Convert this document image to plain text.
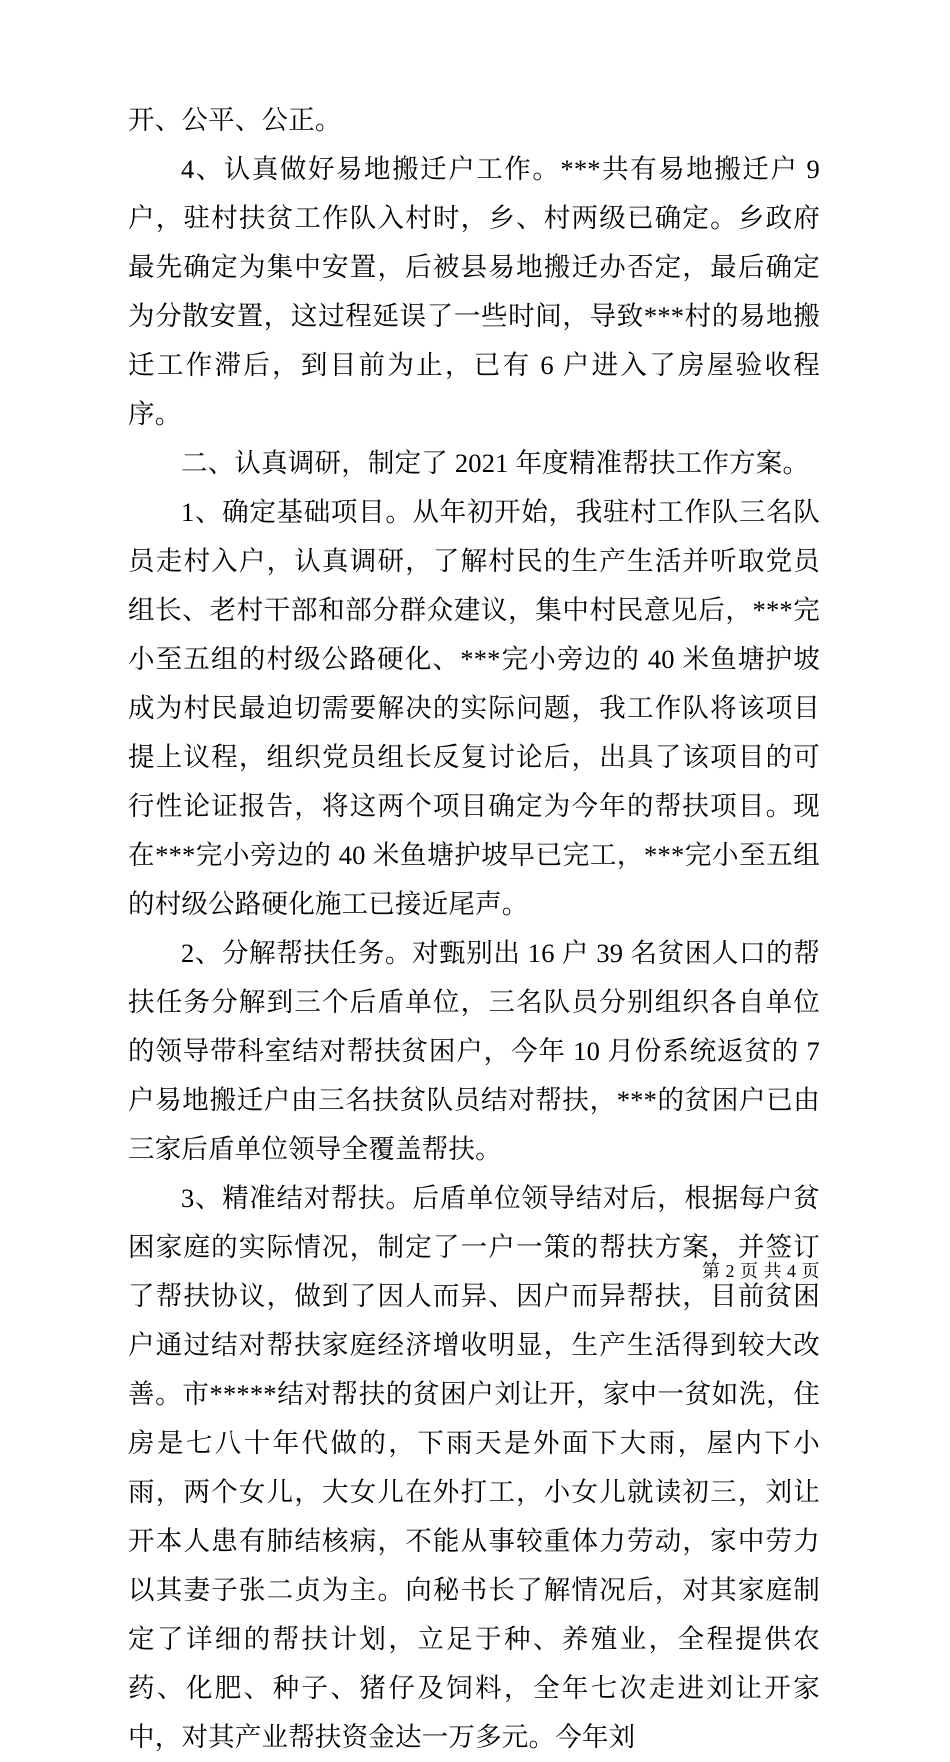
开、公平、公正。

4、认真做好易地搬迁户工作。***共有易地搬迁户 9 户，驻村扶贫工作队入村时，乡、村两级已确定。乡政府最先确定为集中安置，后被县易地搬迁办否定，最后确定为分散安置，这过程延误了一些时间，导致***村的易地搬迁工作滞后，到目前为止，已有 6 户进入了房屋验收程序。

二、认真调研，制定了 2021 年度精准帮扶工作方案。

1、确定基础项目。从年初开始，我驻村工作队三名队员走村入户，认真调研，了解村民的生产生活并听取党员组长、老村干部和部分群众建议，集中村民意见后，***完小至五组的村级公路硬化、***完小旁边的 40 米鱼塘护坡成为村民最迫切需要解决的实际问题，我工作队将该项目提上议程，组织党员组长反复讨论后，出具了该项目的可行性论证报告，将这两个项目确定为今年的帮扶项目。现在***完小旁边的 40 米鱼塘护坡早已完工，***完小至五组的村级公路硬化施工已接近尾声。

2、分解帮扶任务。对甄别出 16 户 39 名贫困人口的帮扶任务分解到三个后盾单位，三名队员分别组织各自单位的领导带科室结对帮扶贫困户，今年 10 月份系统返贫的 7 户易地搬迁户由三名扶贫队员结对帮扶，***的贫困户已由三家后盾单位领导全覆盖帮扶。

3、精准结对帮扶。后盾单位领导结对后，根据每户贫困家庭的实际情况，制定了一户一策的帮扶方案，并签订了帮扶协议，做到了因人而异、因户而异帮扶，目前贫困户通过结对帮扶家庭经济增收明显，生产生活得到较大改善。市*****结对帮扶的贫困户刘让开，家中一贫如洗，住房是七八十年代做的，下雨天是外面下大雨，屋内下小雨，两个女儿，大女儿在外打工，小女儿就读初三，刘让开本人患有肺结核病，不能从事较重体力劳动，家中劳力以其妻子张二贞为主。向秘书长了解情况后，对其家庭制定了详细的帮扶计划，立足于种、养殖业，全程提供农药、化肥、种子、猪仔及饲料，全年七次走进刘让开家中，对其产业帮扶资金达一万多元。今年刘

第 2 页 共 4 页
